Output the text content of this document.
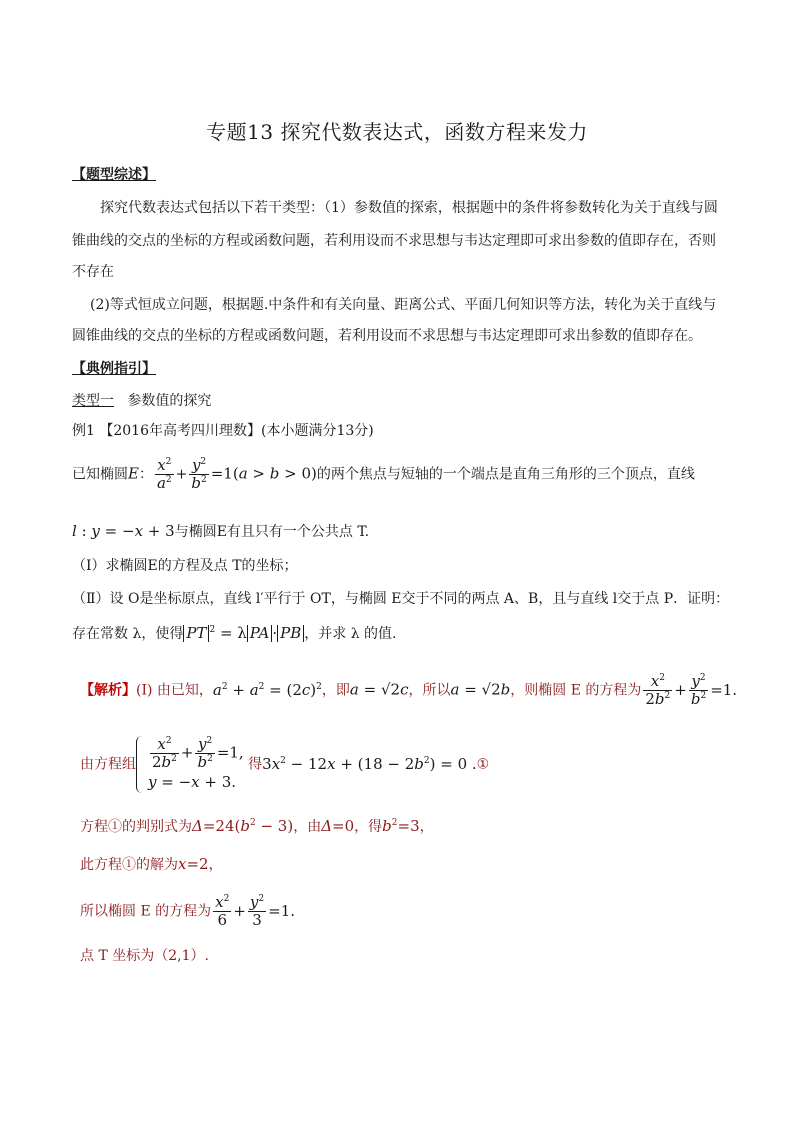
专题13 探究代数表达式，函数方程来发力
【题型综述】
探究代数表达式包括以下若干类型：（1）参数值的探索，根据题中的条件将参数转化为关于直线与圆
锥曲线的交点的坐标的方程或函数问题，若利用设而不求思想与韦达定理即可求出参数的值即存在，否则
不存在
(2)等式恒成立问题，根据题.中条件和有关向量、距离公式、平面几何知识等方法，转化为关于直线与
圆锥曲线的交点的坐标的方程或函数问题，若利用设而不求思想与韦达定理即可求出参数的值即存在。
【典例指引】
类型一 参数值的探究
例1 【2016年高考四川理数】(本小题满分13分)
已知椭圆E： $\frac{x^2}{a^2} + \frac{y^2}{b^2} =1(a > b > 0)$的两个焦点与短轴的一个端点是直角三角形的三个顶点，直线
l : y = −x + 3与椭圆E有且只有一个公共点 T.
（Ⅰ）求椭圆E的方程及点 T的坐标；
（Ⅱ）设 O是坐标原点，直线 l′平行于 OT，与椭圆 E交于不同的两点 A、B，且与直线 l交于点 P．证明：
存在常数 λ，使得 PT $^2$ = λ PA · PB ，并求 λ 的值.
【解析】(I) 由已知，$a^2 + a^2 = (2c)^2$，即a = √2c，所以a = √2b，则椭圆 E 的方程为 $\frac{x^2}{2b^2} + \frac{y^2}{b^2} =1$.
由方程组 $\frac{x^2}{2b^2} + \frac{y^2}{b^2} =1$,
y = −x + 3.
得$3x^2 - 12x + (18 - 2b^2) = 0$ .①
方程①的判别式为$\Delta=24(b^2 - 3)$，由Δ=0，得$b^2=3$，
此方程①的解为x=2，
所以椭圆 E 的方程为 $\frac{x^2}{6} + \frac{y^2}{3} =1$.
点 T 坐标为（2,1）.
